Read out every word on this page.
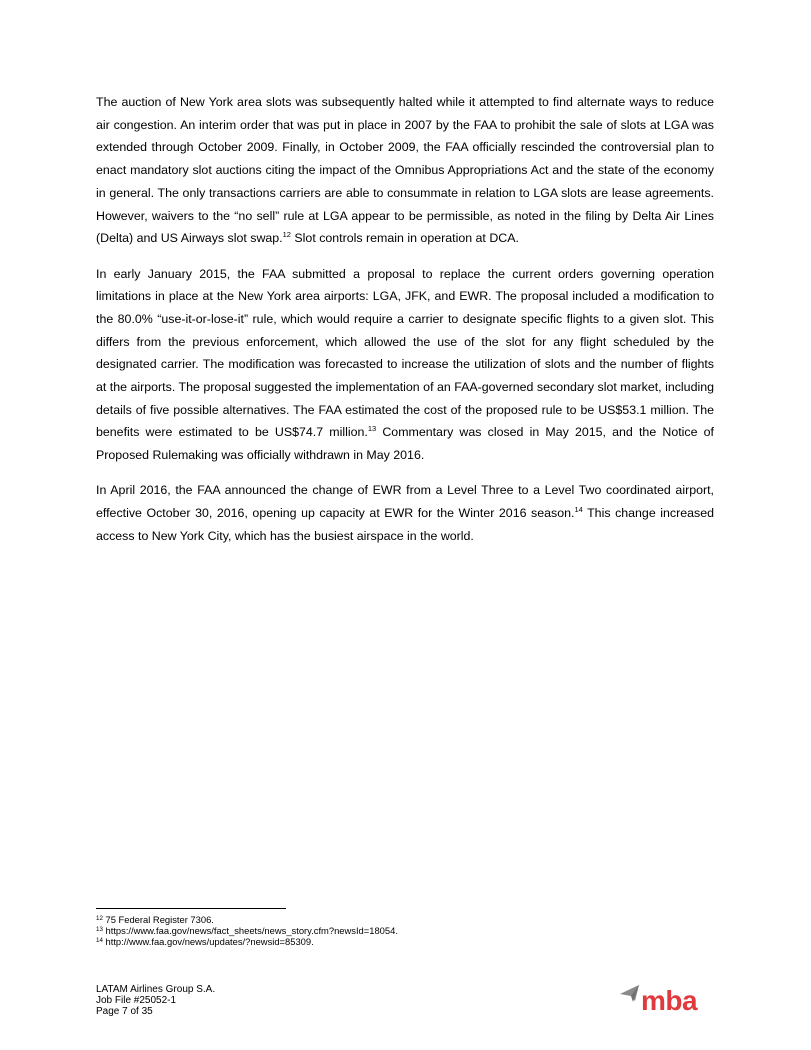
The auction of New York area slots was subsequently halted while it attempted to find alternate ways to reduce air congestion. An interim order that was put in place in 2007 by the FAA to prohibit the sale of slots at LGA was extended through October 2009. Finally, in October 2009, the FAA officially rescinded the controversial plan to enact mandatory slot auctions citing the impact of the Omnibus Appropriations Act and the state of the economy in general. The only transactions carriers are able to consummate in relation to LGA slots are lease agreements. However, waivers to the “no sell” rule at LGA appear to be permissible, as noted in the filing by Delta Air Lines (Delta) and US Airways slot swap.$^{12}$ Slot controls remain in operation at DCA.

In early January 2015, the FAA submitted a proposal to replace the current orders governing operation limitations in place at the New York area airports: LGA, JFK, and EWR. The proposal included a modification to the 80.0% “use-it-or-lose-it” rule, which would require a carrier to designate specific flights to a given slot. This differs from the previous enforcement, which allowed the use of the slot for any flight scheduled by the designated carrier. The modification was forecasted to increase the utilization of slots and the number of flights at the airports. The proposal suggested the implementation of an FAA-governed secondary slot market, including details of five possible alternatives. The FAA estimated the cost of the proposed rule to be US$53.1 million. The benefits were estimated to be US$74.7 million.$^{13}$ Commentary was closed in May 2015, and the Notice of Proposed Rulemaking was officially withdrawn in May 2016.

In April 2016, the FAA announced the change of EWR from a Level Three to a Level Two coordinated airport, effective October 30, 2016, opening up capacity at EWR for the Winter 2016 season.$^{14}$ This change increased access to New York City, which has the busiest airspace in the world.

$^{12}$ 75 Federal Register 7306.
$^{13}$ https://www.faa.gov/news/fact_sheets/news_story.cfm?newsId=18054.
$^{14}$ http://www.faa.gov/news/updates/?newsid=85309.
LATAM Airlines Group S.A.
Job File #25052-1
Page 7 of 35	mba
